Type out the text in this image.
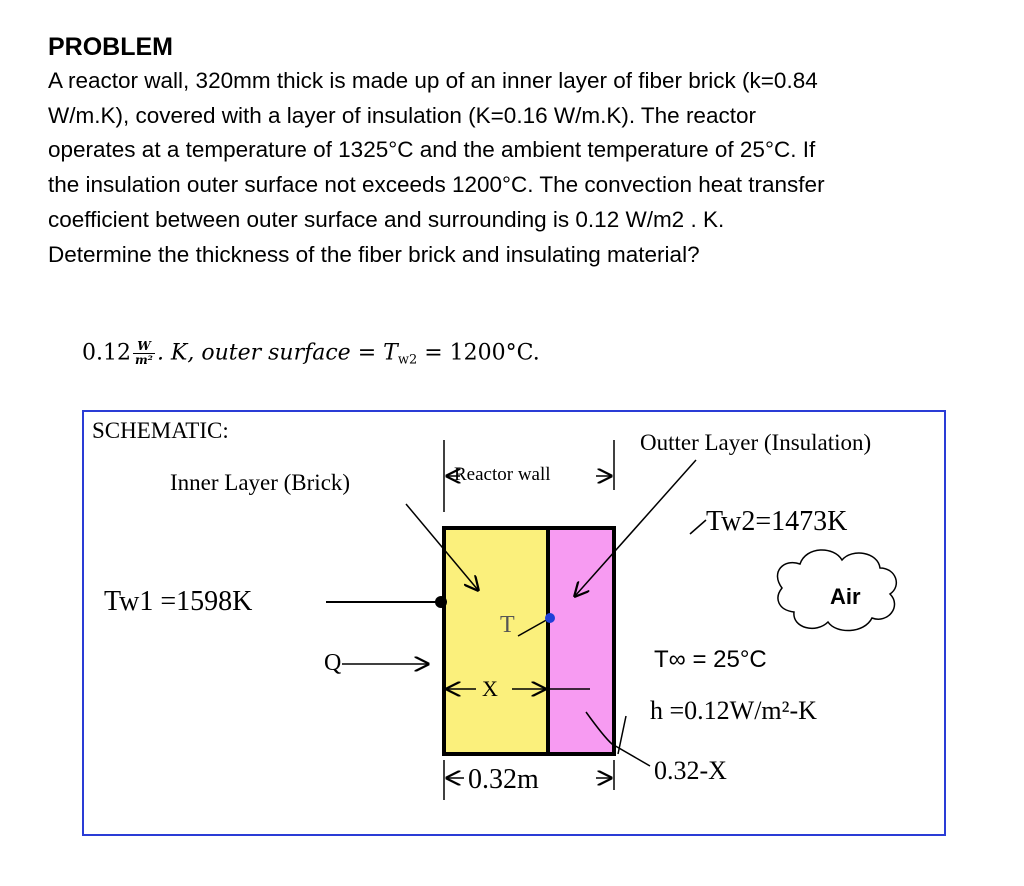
PROBLEM

A reactor wall, 320mm thick is made up of an inner layer of fiber brick (k=0.84

W/m.K), covered with a layer of insulation (K=0.16 W/m.K). The reactor

operates at a temperature of 1325°C and the ambient temperature of 25°C. If

the insulation outer surface not exceeds 1200°C. The convection heat transfer

coefficient between outer surface and surrounding is 0.12 W/m2 . K.

Determine the thickness of the fiber brick and insulating material?

$0.12 \frac{W}{\text{m²}}$ . K, outer surface = $T_{w2} = 1200^\circ C$.
SCHEMATIC:
Inner Layer (Brick)	Reactor wall
Outter Layer (Insulation)
Tw2=1473K
Tw1 =1598K	Air
T
Q
X
T∞ = 25°C
h =0.12W/m²-K
0.32-X
0.32m
